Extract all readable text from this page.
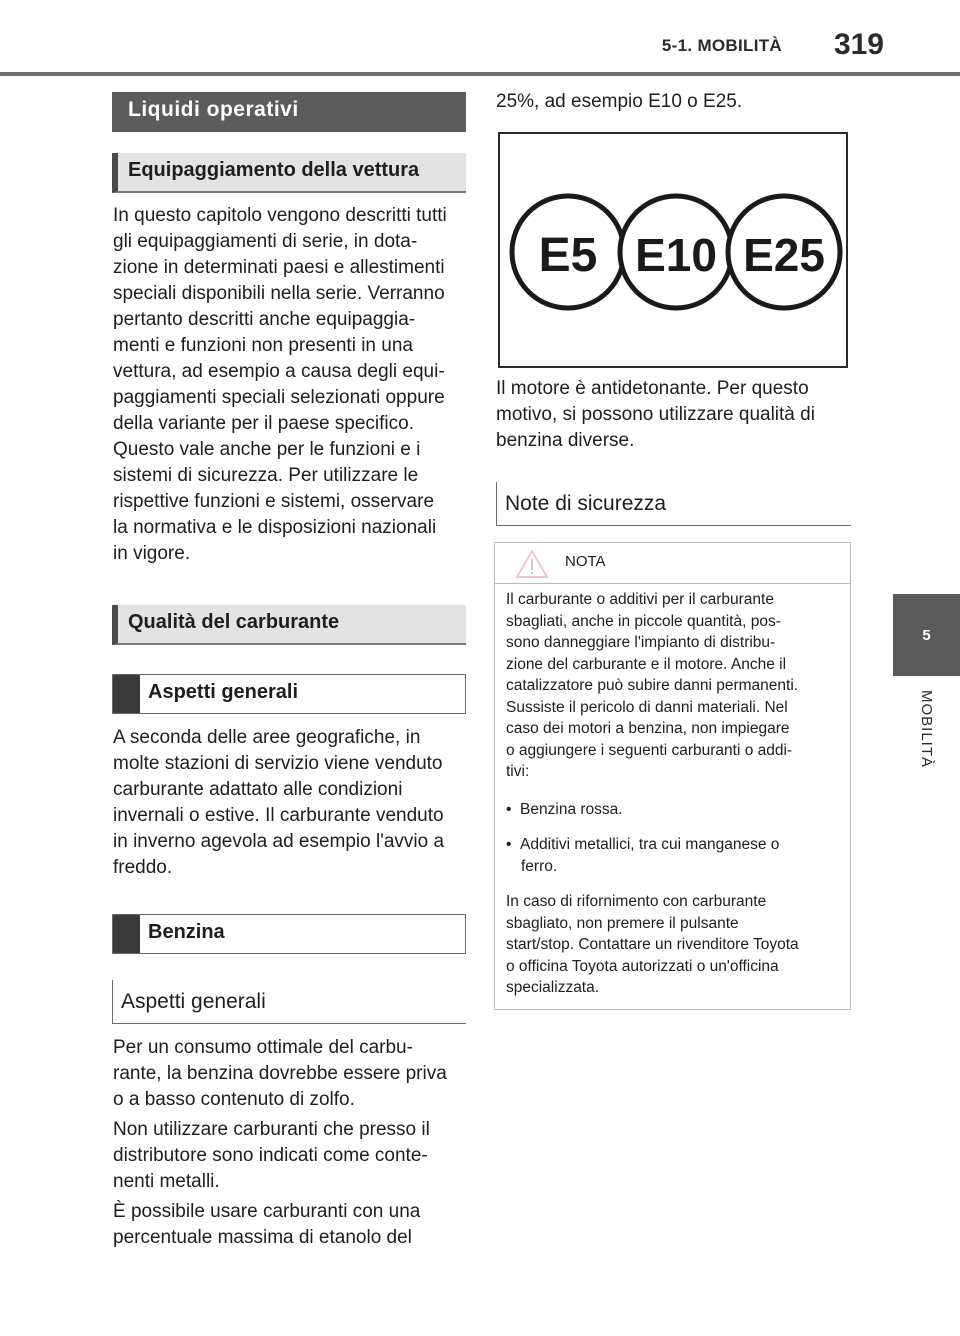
5-1. MOBILITÀ 319
5
MOBILITÀ
Liquidi operativi
Equipaggiamento della vettura
In questo capitolo vengono descritti tutti
gli equipaggiamenti di serie, in dota-
zione in determinati paesi e allestimenti
speciali disponibili nella serie. Verranno
pertanto descritti anche equipaggia-
menti e funzioni non presenti in una
vettura, ad esempio a causa degli equi-
paggiamenti speciali selezionati oppure
della variante per il paese specifico.
Questo vale anche per le funzioni e i
sistemi di sicurezza. Per utilizzare le
rispettive funzioni e sistemi, osservare
la normativa e le disposizioni nazionali
in vigore.
Qualità del carburante
Aspetti generali
A seconda delle aree geografiche, in
molte stazioni di servizio viene venduto
carburante adattato alle condizioni
invernali o estive. Il carburante venduto
in inverno agevola ad esempio l'avvio a
freddo.
Benzina
Aspetti generali
Per un consumo ottimale del carbu-
rante, la benzina dovrebbe essere priva
o a basso contenuto di zolfo.
Non utilizzare carburanti che presso il
distributore sono indicati come conte-
nenti metalli.
È possibile usare carburanti con una
percentuale massima di etanolo del
25%, ad esempio E10 o E25.
E5 E10 E25
Il motore è antidetonante. Per questo
motivo, si possono utilizzare qualità di
benzina diverse.
Note di sicurezza
NOTA
Il carburante o additivi per il carburante
sbagliati, anche in piccole quantità, pos-
sono danneggiare l'impianto di distribu-
zione del carburante e il motore. Anche il
catalizzatore può subire danni permanenti.
Sussiste il pericolo di danni materiali. Nel
caso dei motori a benzina, non impiegare
o aggiungere i seguenti carburanti o addi-
tivi:
•  Benzina rossa.
•  Additivi metallici, tra cui manganese o
ferro.
In caso di rifornimento con carburante
sbagliato, non premere il pulsante
start/stop. Contattare un rivenditore Toyota
o officina Toyota autorizzati o un'officina
specializzata.
